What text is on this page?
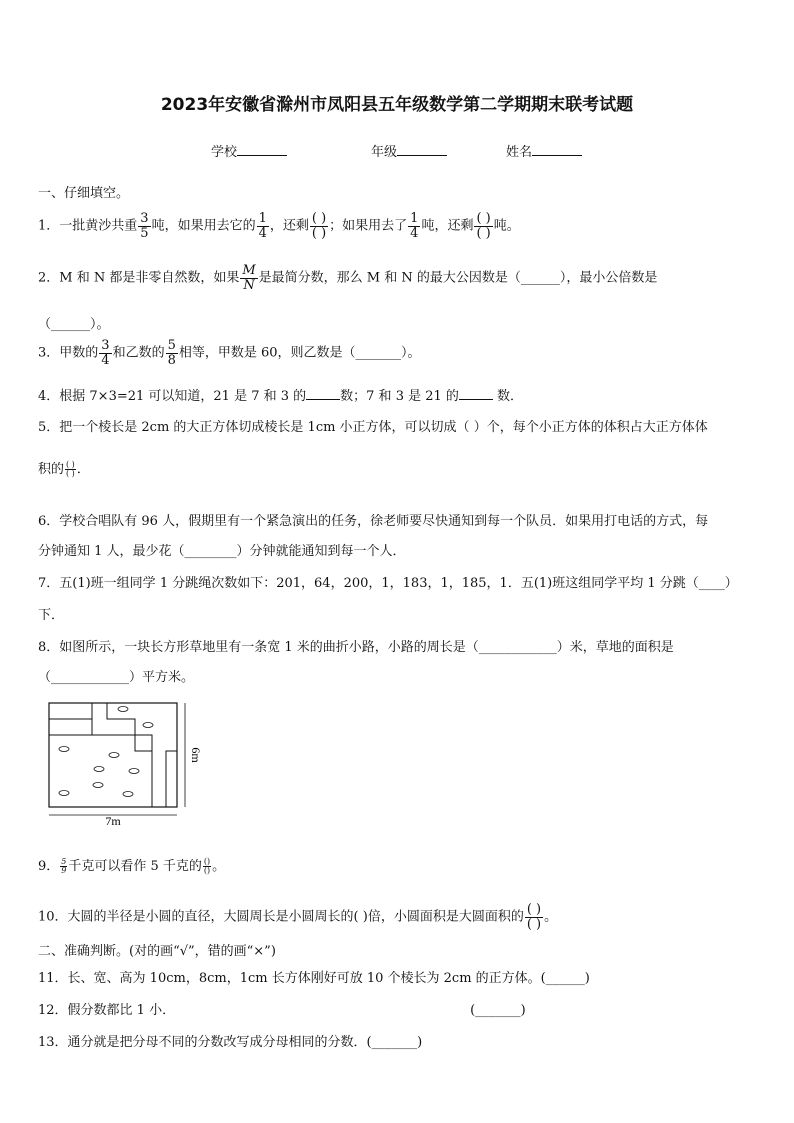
2023年安徽省滁州市凤阳县五年级数学第二学期期末联考试题
学校	年级	姓名
一、仔细填空。
1．一批黄沙共重 $\frac{3}{5}$ 吨，如果用去它的 $\frac{1}{4}$ ，还剩 $\frac{( )}{( )}$ ；如果用去了 $\frac{1}{4}$ 吨，还剩 $\frac{( )}{( )}$ 吨。
2．M 和 N 都是非零自然数，如果 $\frac{M}{N}$ 是最简分数，那么 M 和 N 的最大公因数是（______），最小公倍数是
（______）。
3．甲数的 $\frac{3}{4}$ 和乙数的 $\frac{5}{8}$ 相等，甲数是 60，则乙数是（_______）。
4．根据 7×3=21 可以知道，21 是 7 和 3 的	数；7 和 3 是 21 的	数．
5．把一个棱长是 2cm 的大正方体切成棱长是 1cm 小正方体，可以切成（ ）个，每个小正方体的体积占大正方体体
积的 $\frac{( )}{( )}$ ．
6．学校合唱队有 96 人，假期里有一个紧急演出的任务，徐老师要尽快通知到每一个队员．如果用打电话的方式，每
分钟通知 1 人，最少花（________）分钟就能通知到每一个人．
7．五(1)班一组同学 1 分跳绳次数如下：201，64，200，1，183，1，185，1．五(1)班这组同学平均 1 分跳（____）
下．
8．如图所示，一块长方形草地里有一条宽 1 米的曲折小路，小路的周长是（____________）米，草地的面积是
（____________）平方米。
7m
6m
9． $\frac{5}{9}$ 千克可以看作 5 千克的 $\frac{()}{()}$ 。
10．大圆的半径是小圆的直径，大圆周长是小圆周长的( )倍，小圆面积是大圆面积的 $\frac{( )}{( )}$ 。
二、准确判断。(对的画“√”，错的画“×”)
11．长、宽、高为 10cm，8cm，1cm 长方体刚好可放 10 个棱长为 2cm 的正方体。(______)
12．假分数都比 1 小．	(_______)
13．通分就是把分母不同的分数改写成分母相同的分数．(_______)
